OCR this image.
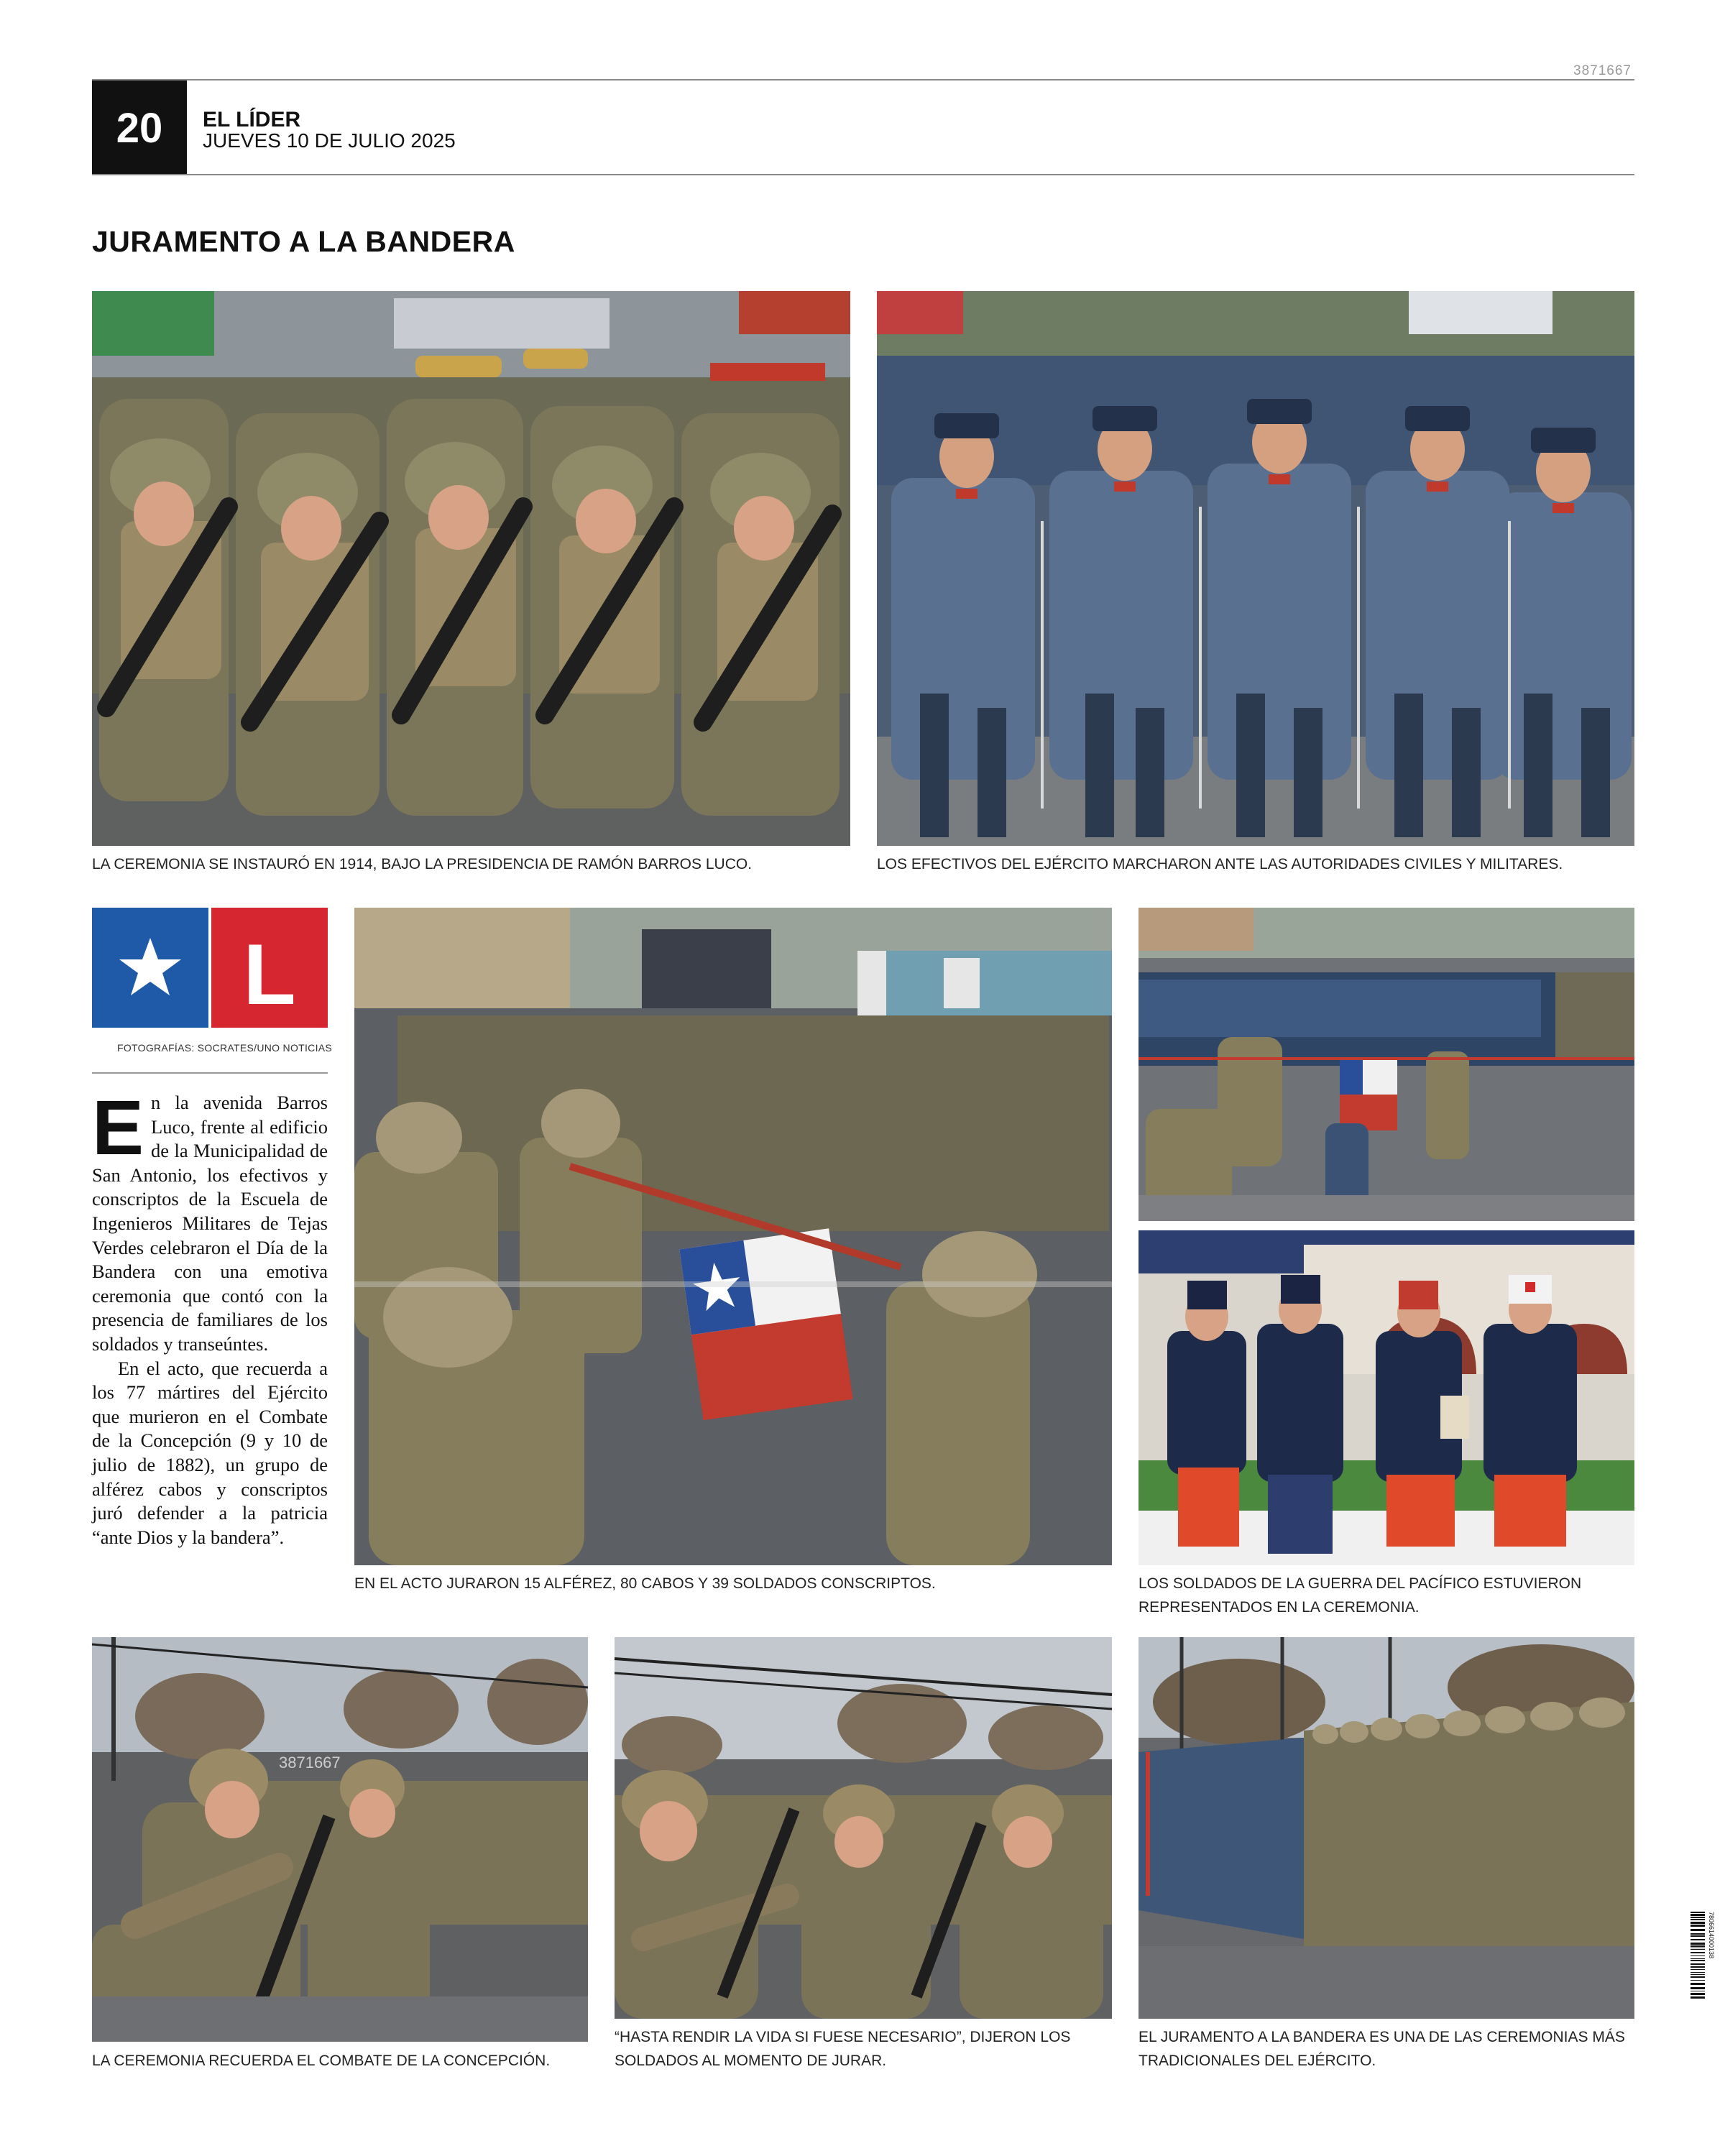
3871667
20	EL LÍDER
JUEVES 10 DE JULIO 2025
JURAMENTO A LA BANDERA
LA CEREMONIA SE INSTAURÓ EN 1914, BAJO LA PRESIDENCIA DE RAMÓN BARROS LUCO.	LOS EFECTIVOS DEL EJÉRCITO MARCHARON ANTE LAS AUTORIDADES CIVILES Y MILITARES.
L
FOTOGRAFÍAS: SOCRATES/UNO NOTICIAS

En la avenida Barros Luco, frente al edificio de la Municipalidad de San Antonio, los efectivos y conscriptos de la Escuela de Ingenieros Militares de Tejas Verdes celebraron el Día de la Bandera con una emotiva ceremonia que contó con la presencia de familiares de los soldados y transeúntes.

En el acto, que recuerda a los 77 mártires del Ejército que murieron en el Combate de la Concepción (9 y 10 de julio de 1882), un grupo de alférez cabos y conscriptos juró defender a la patricia “ante Dios y la bandera”.

EN EL ACTO JURARON 15 ALFÉREZ, 80 CABOS Y 39 SOLDADOS CONSCRIPTOS.	LOS SOLDADOS DE LA GUERRA DEL PACÍFICO ESTUVIERON REPRESENTADOS EN LA CEREMONIA.
3871667
LA CEREMONIA RECUERDA EL COMBATE DE LA CONCEPCIÓN.
“HASTA RENDIR LA VIDA SI FUESE NECESARIO”, DIJERON LOS SOLDADOS AL MOMENTO DE JURAR.
EL JURAMENTO A LA BANDERA ES UNA DE LAS CEREMONIAS MÁS TRADICIONALES DEL EJÉRCITO.
7806614000138
